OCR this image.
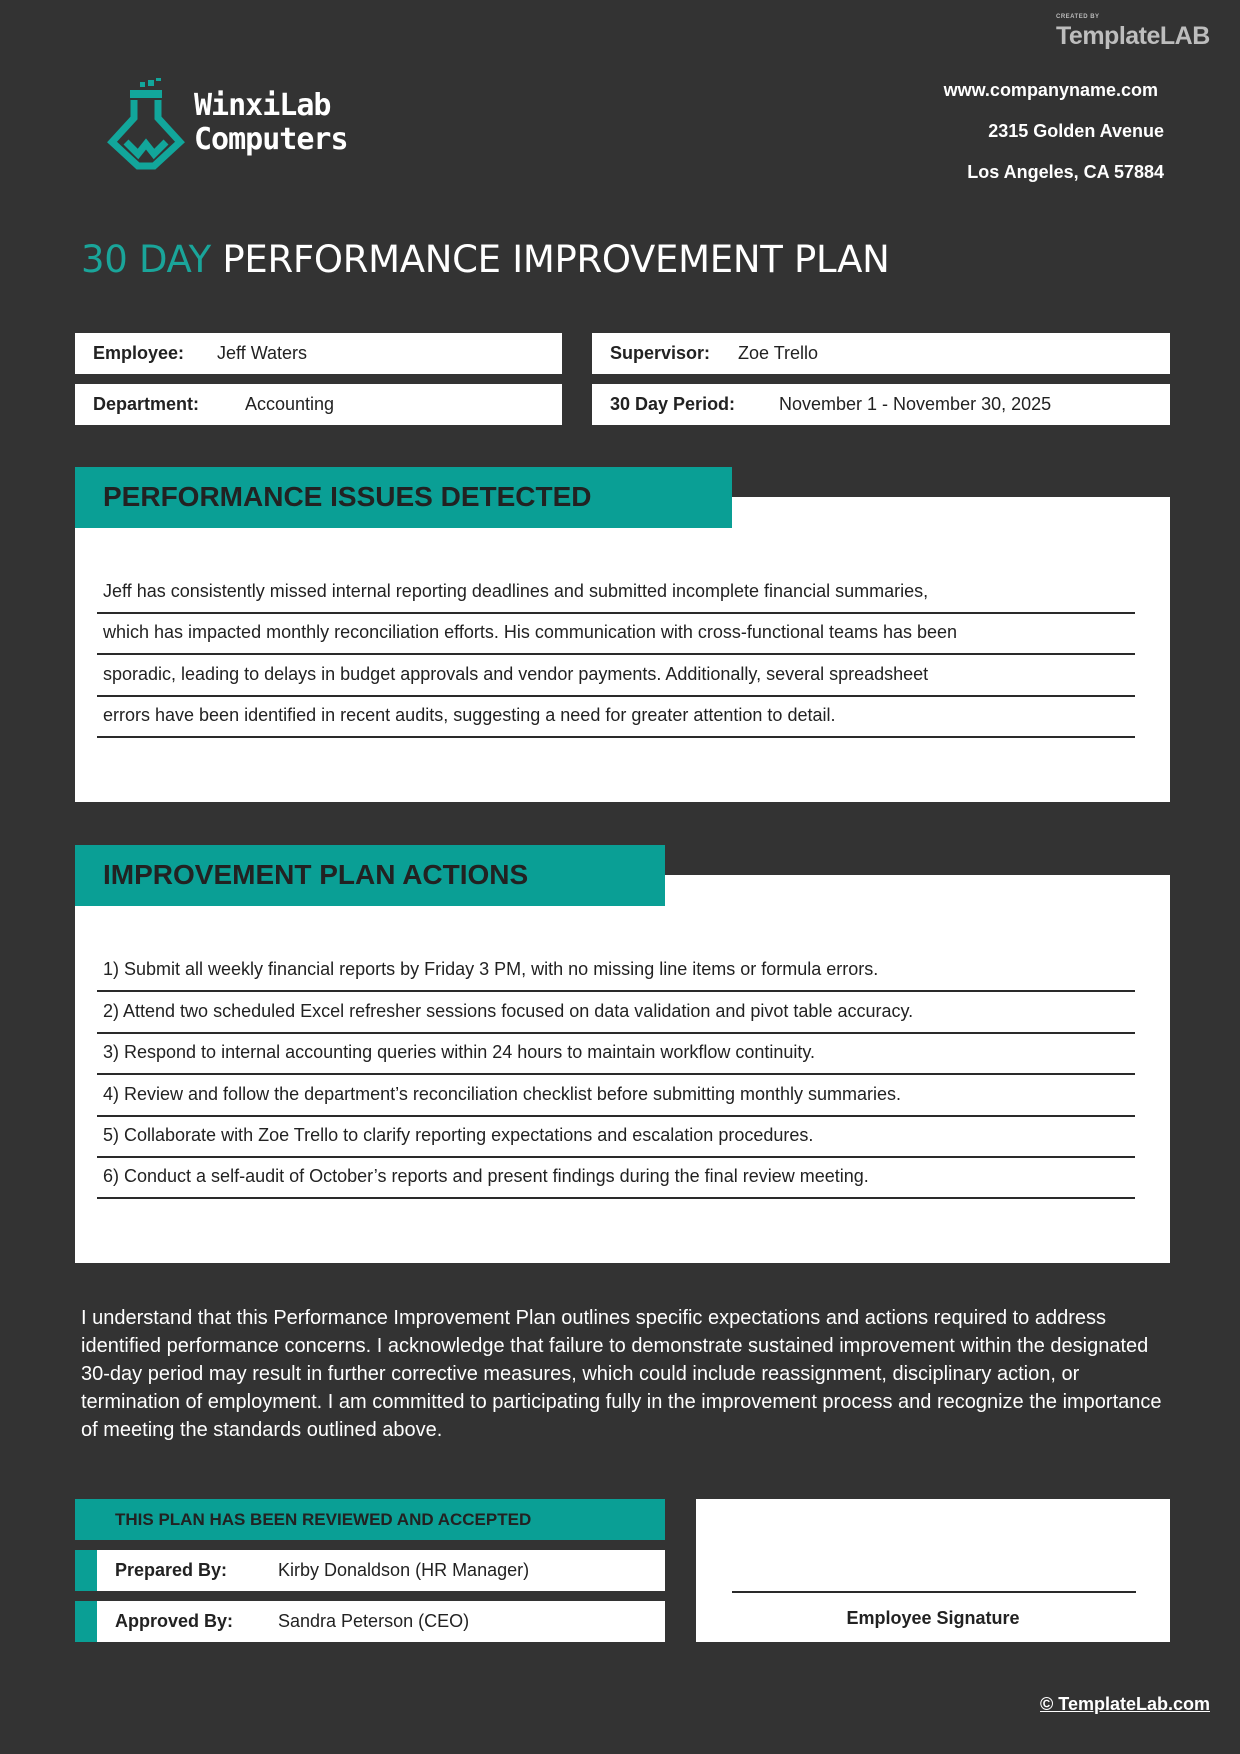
CREATED BY
TemplateLAB
WinxiLab
Computers
www.companyname.com
2315 Golden Avenue
Los Angeles, CA 57884
30 DAY PERFORMANCE IMPROVEMENT PLAN
Employee: Jeff Waters	Supervisor: Zoe Trello
Department:	Accounting	30 Day Period: November 1 - November 30, 2025
PERFORMANCE ISSUES DETECTED
Jeff has consistently missed internal reporting deadlines and submitted incomplete financial summaries,
which has impacted monthly reconciliation efforts. His communication with cross-functional teams has been
sporadic, leading to delays in budget approvals and vendor payments. Additionally, several spreadsheet
errors have been identified in recent audits, suggesting a need for greater attention to detail.
IMPROVEMENT PLAN ACTIONS
1) Submit all weekly financial reports by Friday 3 PM, with no missing line items or formula errors.
2) Attend two scheduled Excel refresher sessions focused on data validation and pivot table accuracy.
3) Respond to internal accounting queries within 24 hours to maintain workflow continuity.
4) Review and follow the department’s reconciliation checklist before submitting monthly summaries.
5) Collaborate with Zoe Trello to clarify reporting expectations and escalation procedures.
6) Conduct a self-audit of October’s reports and present findings during the final review meeting.
I understand that this Performance Improvement Plan outlines specific expectations and actions required to address identified performance concerns. I acknowledge that failure to demonstrate sustained improvement within the designated 30-day period may result in further corrective measures, which could include reassignment, disciplinary action, or termination of employment. I am committed to participating fully in the improvement process and recognize the importance of meeting the standards outlined above.
THIS PLAN HAS BEEN REVIEWED AND ACCEPTED
Prepared By:	Kirby Donaldson (HR Manager)
Approved By: Sandra Peterson (CEO)	Employee Signature
© TemplateLab.com
